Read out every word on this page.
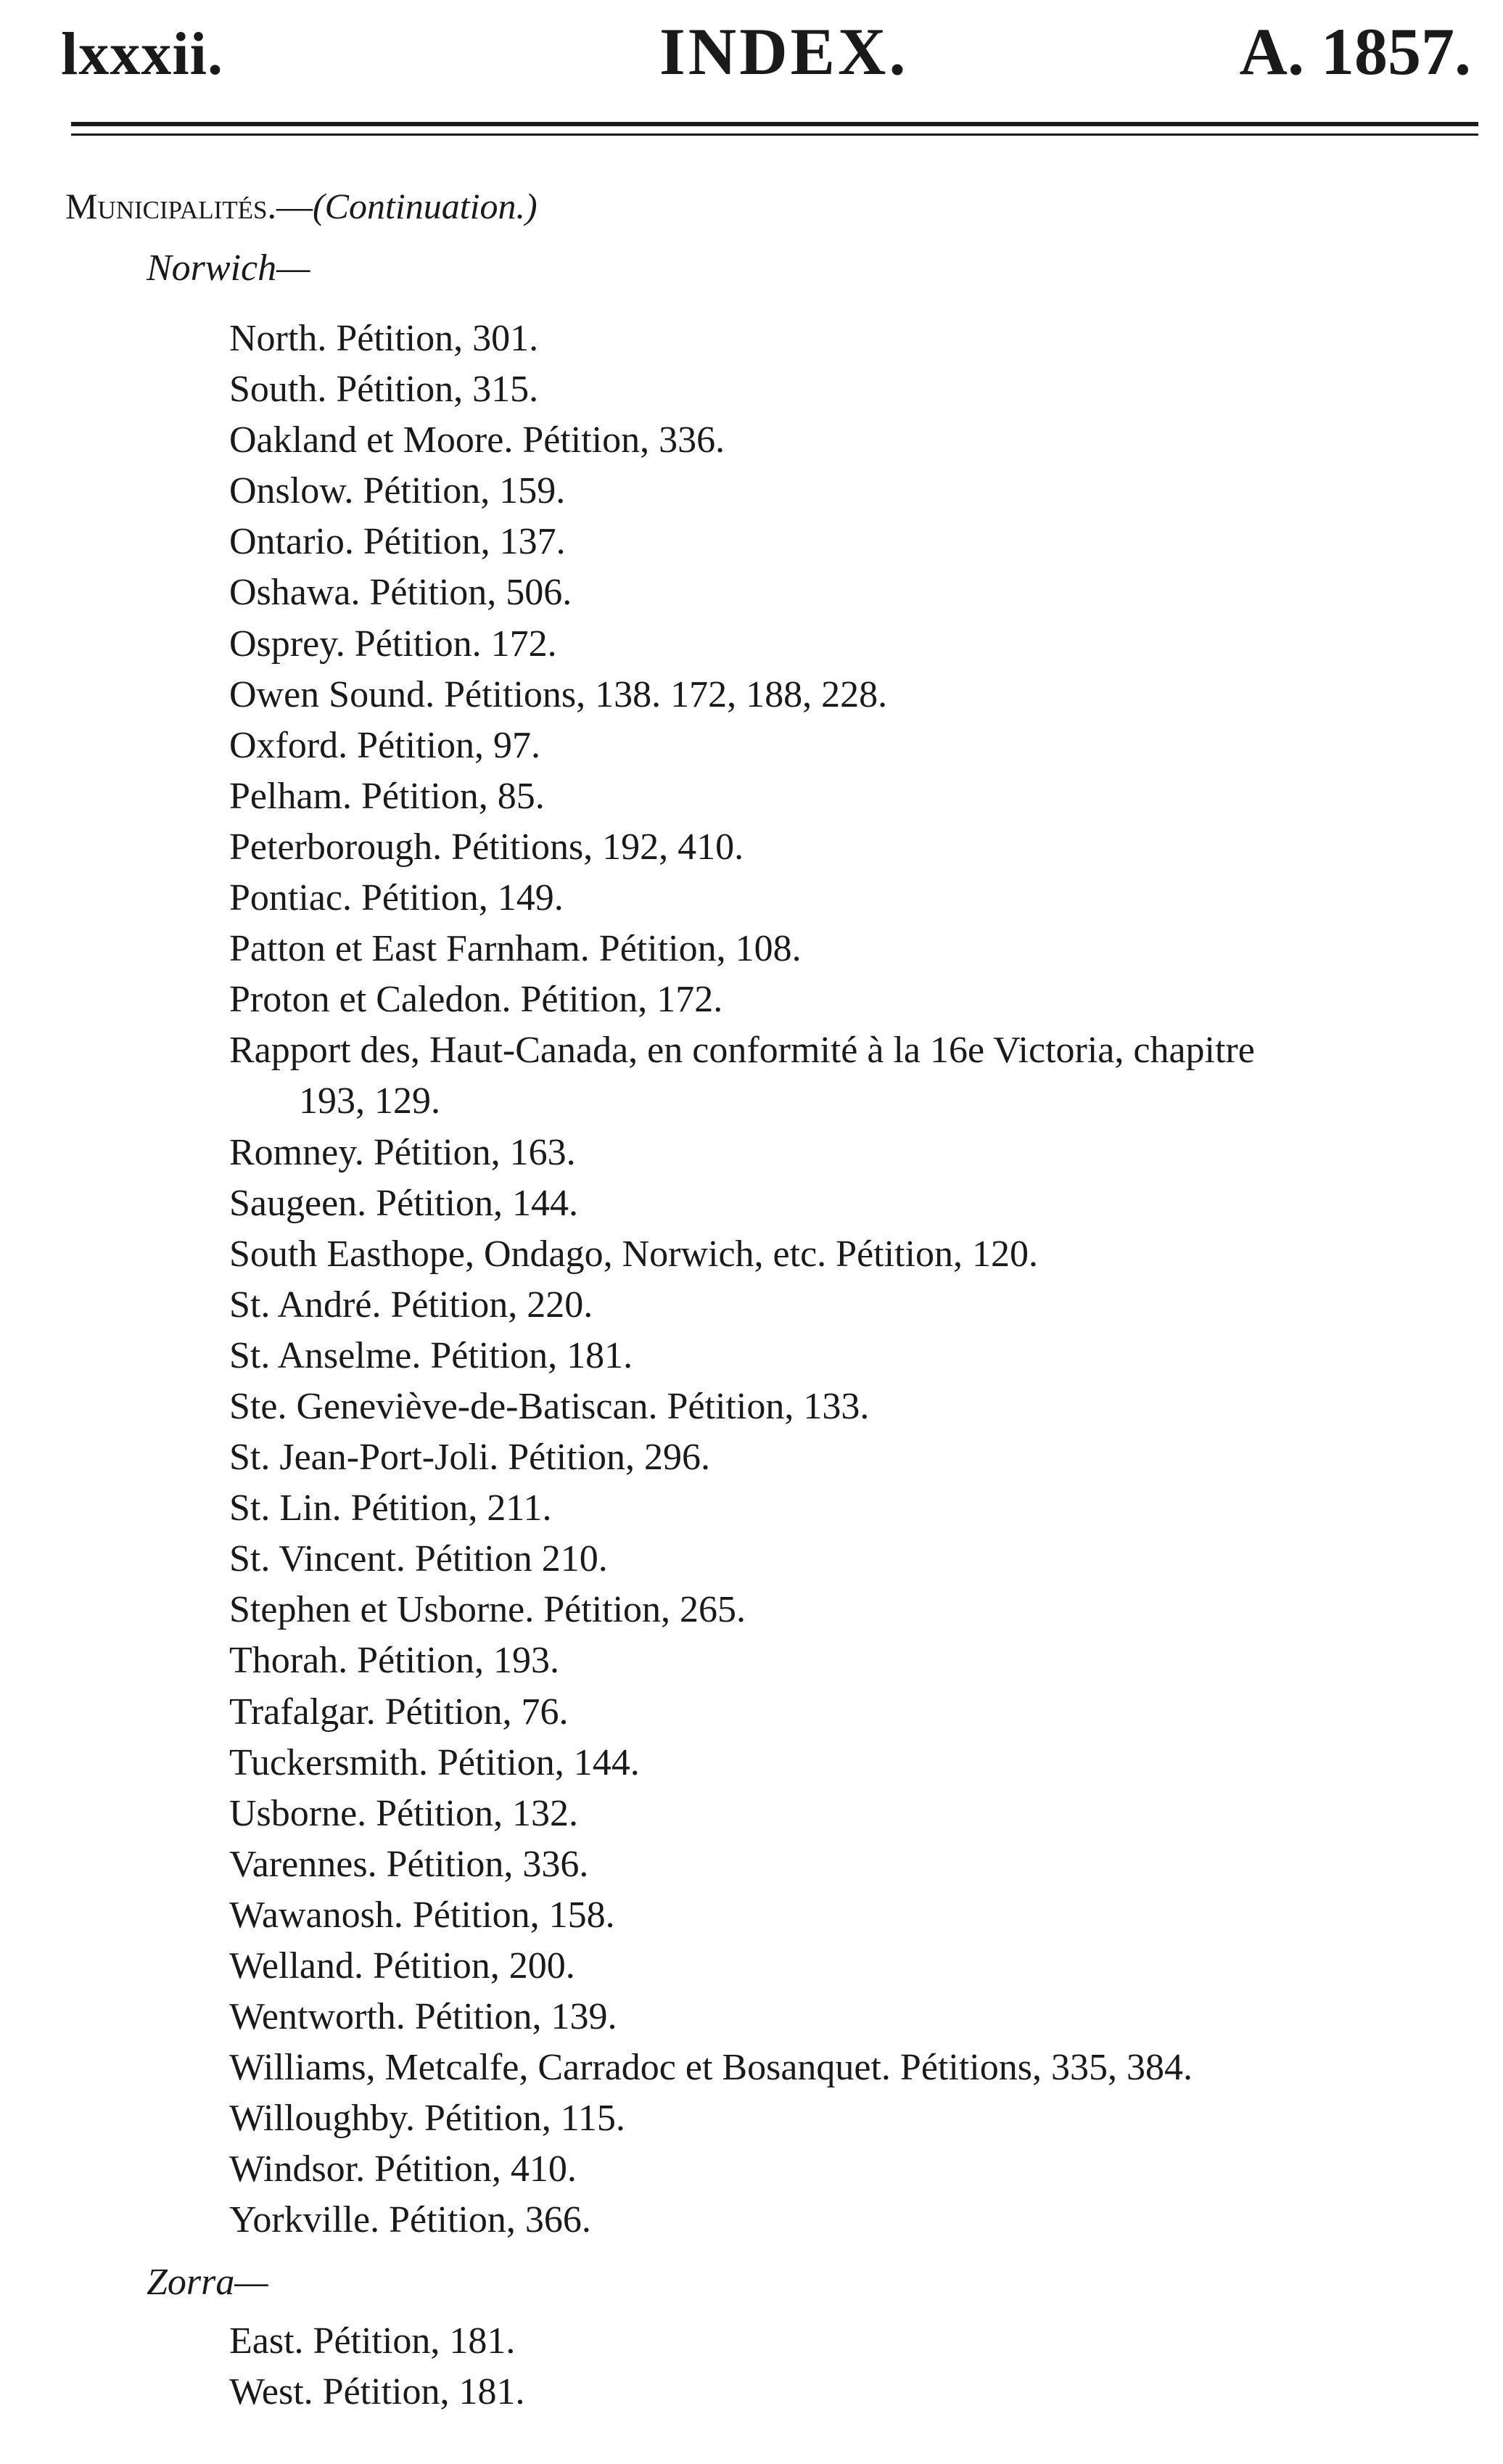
lxxxii.	INDEX.	A. 1857.
Municipalités.—(Continuation.)
Norwich—
North. Pétition, 301.
South. Pétition, 315.
Oakland et Moore. Pétition, 336.
Onslow. Pétition, 159.
Ontario. Pétition, 137.
Oshawa. Pétition, 506.
Osprey. Pétition. 172.
Owen Sound. Pétitions, 138. 172, 188, 228.
Oxford. Pétition, 97.
Pelham. Pétition, 85.
Peterborough. Pétitions, 192, 410.
Pontiac. Pétition, 149.
Patton et East Farnham. Pétition, 108.
Proton et Caledon. Pétition, 172.
Rapport des, Haut-Canada, en conformité à la 16e Victoria, chapitre
193, 129.
Romney. Pétition, 163.
Saugeen. Pétition, 144.
South Easthope, Ondago, Norwich, etc. Pétition, 120.
St. André. Pétition, 220.
St. Anselme. Pétition, 181.
Ste. Geneviève-de-Batiscan. Pétition, 133.
St. Jean-Port-Joli. Pétition, 296.
St. Lin. Pétition, 211.
St. Vincent. Pétition 210.
Stephen et Usborne. Pétition, 265.
Thorah. Pétition, 193.
Trafalgar. Pétition, 76.
Tuckersmith. Pétition, 144.
Usborne. Pétition, 132.
Varennes. Pétition, 336.
Wawanosh. Pétition, 158.
Welland. Pétition, 200.
Wentworth. Pétition, 139.
Williams, Metcalfe, Carradoc et Bosanquet. Pétitions, 335, 384.
Willoughby. Pétition, 115.
Windsor. Pétition, 410.
Yorkville. Pétition, 366.
Zorra—
East. Pétition, 181.
West. Pétition, 181.
